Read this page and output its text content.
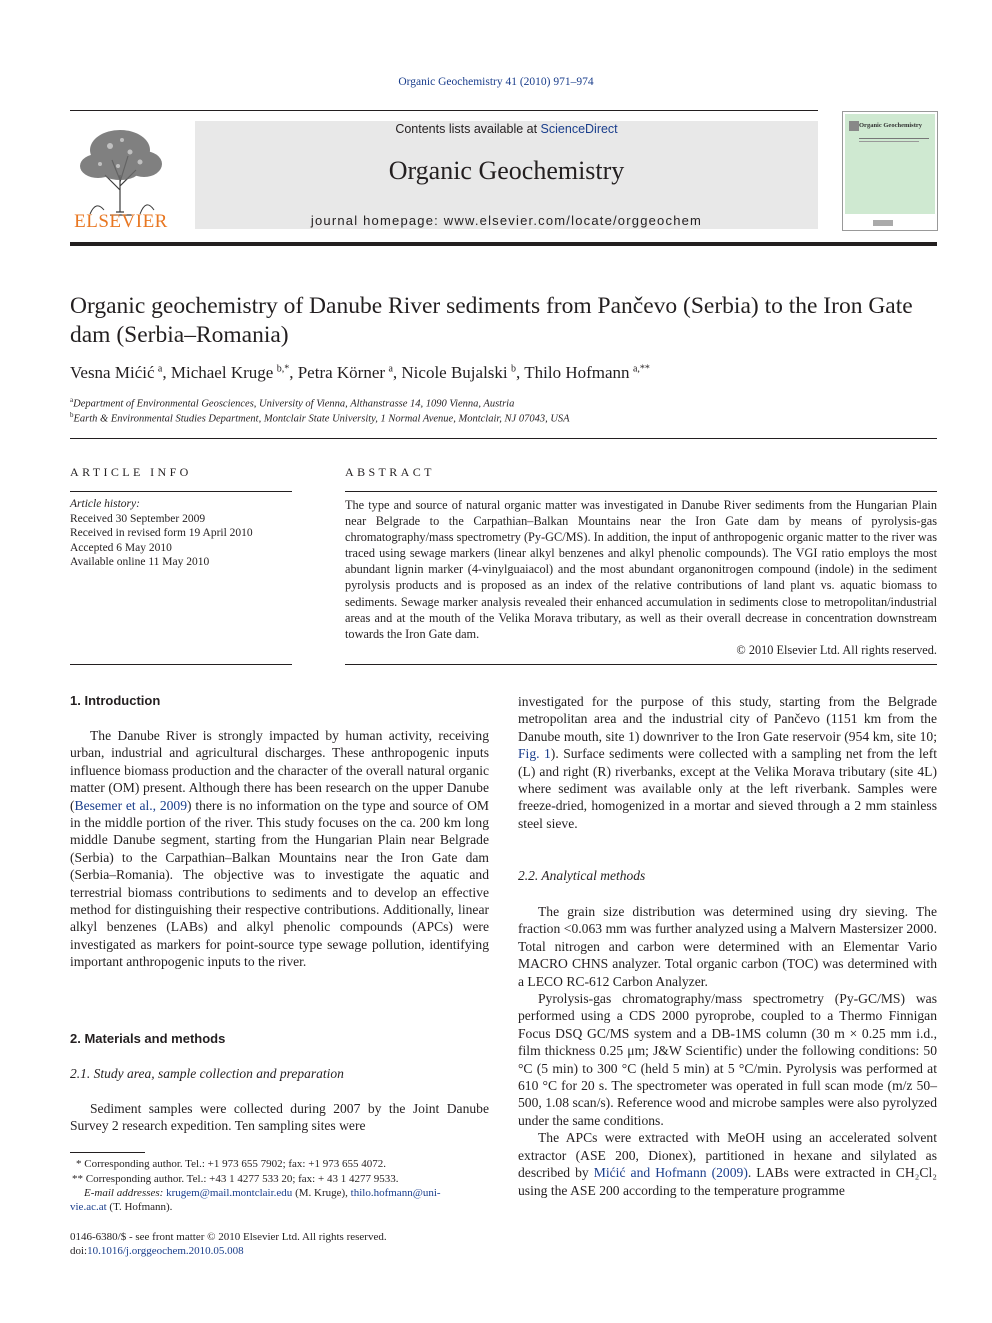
Organic Geochemistry 41 (2010) 971–974
ELSEVIER
Contents lists available at ScienceDirect
Organic Geochemistry
journal homepage: www.elsevier.com/locate/orggeochem
Organic Geochemistry
Organic geochemistry of Danube River sediments from Pančevo (Serbia) to the Iron Gate dam (Serbia–Romania)
Vesna Mićić  $^a$, Michael Kruge  $^{b,*}$, Petra Körner  $^a$, Nicole Bujalski  $^b$, Thilo Hofmann  $^{a,**}$
$^a$Department of Environmental Geosciences, University of Vienna, Althanstrasse 14, 1090 Vienna, Austria
$^b$Earth & Environmental Studies Department, Montclair State University, 1 Normal Avenue, Montclair, NJ 07043, USA
ARTICLE INFO
Article history:
Received 30 September 2009
Received in revised form 19 April 2010
Accepted 6 May 2010
Available online 11 May 2010
ABSTRACT
The type and source of natural organic matter was investigated in Danube River sediments from the Hungarian Plain near Belgrade to the Carpathian–Balkan Mountains near the Iron Gate dam by means of pyrolysis-gas chromatography/mass spectrometry (Py-GC/MS). In addition, the input of anthropogenic organic matter to the river was traced using sewage markers (linear alkyl benzenes and alkyl phenolic compounds). The VGI ratio employs the most abundant lignin marker (4-vinylguaiacol) and the most abundant organonitrogen compound (indole) in the sediment pyrolysis products and is proposed as an index of the relative contributions of land plant vs. aquatic biomass to sediments. Sewage marker analysis revealed their enhanced accumulation in sediments close to metropolitan/industrial areas and at the mouth of the Velika Morava tributary, as well as their overall decrease in concentration downstream towards the Iron Gate dam.
© 2010 Elsevier Ltd. All rights reserved.
1. Introduction

The Danube River is strongly impacted by human activity, receiving urban, industrial and agricultural discharges. These anthropogenic inputs influence biomass production and the character of the overall natural organic matter (OM) present. Although there has been research on the upper Danube (Besemer et al., 2009) there is no information on the type and source of OM in the middle portion of the river. This study focuses on the ca. 200 km long middle Danube segment, starting from the Hungarian Plain near Belgrade (Serbia) to the Carpathian–Balkan Mountains near the Iron Gate dam (Serbia–Romania). The objective was to investigate the aquatic and terrestrial biomass contributions to sediments and to develop an effective method for distinguishing their respective contributions. Additionally, linear alkyl benzenes (LABs) and alkyl phenolic compounds (APCs) were investigated as markers for point-source type sewage pollution, identifying important anthropogenic inputs to the river.

2. Materials and methods
2.1. Study area, sample collection and preparation

Sediment samples were collected during 2007 by the Joint Danube Survey 2 research expedition. Ten sampling sites were

* Corresponding author. Tel.: +1 973 655 7902; fax: +1 973 655 4072.
** Corresponding author. Tel.: +43 1 4277 533 20; fax: + 43 1 4277 9533.
E-mail addresses: krugem@mail.montclair.edu (M. Kruge), thilo.hofmann@uni-
vie.ac.at (T. Hofmann).
0146-6380/$ - see front matter © 2010 Elsevier Ltd. All rights reserved.
doi:10.1016/j.orggeochem.2010.05.008

investigated for the purpose of this study, starting from the Belgrade metropolitan area and the industrial city of Pančevo (1151 km from the Danube mouth, site 1) downriver to the Iron Gate reservoir (954 km, site 10; Fig. 1). Surface sediments were collected with a sampling net from the left (L) and right (R) riverbanks, except at the Velika Morava tributary (site 4L) where sediment was available only at the left riverbank. Samples were freeze-dried, homogenized in a mortar and sieved through a 2 mm stainless steel sieve.

2.2. Analytical methods

The grain size distribution was determined using dry sieving. The fraction <0.063 mm was further analyzed using a Malvern Mastersizer 2000. Total nitrogen and carbon were determined with an Elementar Vario MACRO CHNS analyzer. Total organic carbon (TOC) was determined with a LECO RC-612 Carbon Analyzer.

Pyrolysis-gas chromatography/mass spectrometry (Py-GC/MS) was performed using a CDS 2000 pyroprobe, coupled to a Thermo Finnigan Focus DSQ GC/MS system and a DB-1MS column (30 m × 0.25 mm i.d., film thickness 0.25 μm; J&W Scientific) under the following conditions: 50 °C (5 min) to 300 °C (held 5 min) at 5 °C/min. Pyrolysis was performed at 610 °C for 20 s. The spectrometer was operated in full scan mode (m/z 50–500, 1.08 scan/s). Reference wood and microbe samples were also pyrolyzed under the same conditions.

The APCs were extracted with MeOH using an accelerated solvent extractor (ASE 200, Dionex), partitioned in hexane and silylated as described by Mićić and Hofmann (2009). LABs were extracted in CH₂Cl₂ using the ASE 200 according to the temperature programme
